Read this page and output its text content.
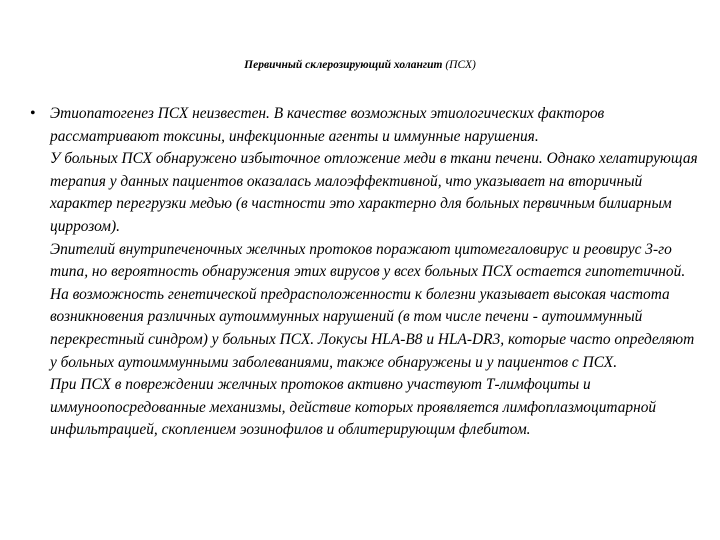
Первичный склерозирующий холангит (ПСХ)
• Этиопатогенез ПСХ неизвестен. В качестве возможных этиологических факторов рассматривают токсины, инфекционные агенты и иммунные нарушения.
У больных ПСХ обнаружено избыточное отложение меди в ткани печени. Однако хелатирующая терапия у данных пациентов оказалась малоэффективной, что указывает на вторичный характер перегрузки медью (в частности это характерно для больных первичным билиарным циррозом).
Эпителий внутрипеченочных желчных протоков поражают цитомегаловирус и реовирус 3-го типа, но вероятность обнаружения этих вирусов у всех больных ПСХ остается гипотетичной.
На возможность генетической предрасположенности к болезни указывает высокая частота возникновения различных аутоиммунных нарушений (в том числе печени - аутоиммунный перекрестный синдром) у больных ПСХ. Локусы HLA-B8 и HLA-DR3, которые часто определяют у больных аутоиммунными заболеваниями, также обнаружены и у пациентов с ПСХ.
При ПСХ в повреждении желчных протоков активно участвуют Т-лимфоциты и иммуноопосредованные механизмы, действие которых проявляется лимфоплазмоцитарной инфильтрацией, скоплением эозинофилов и облитерирующим флебитом.
